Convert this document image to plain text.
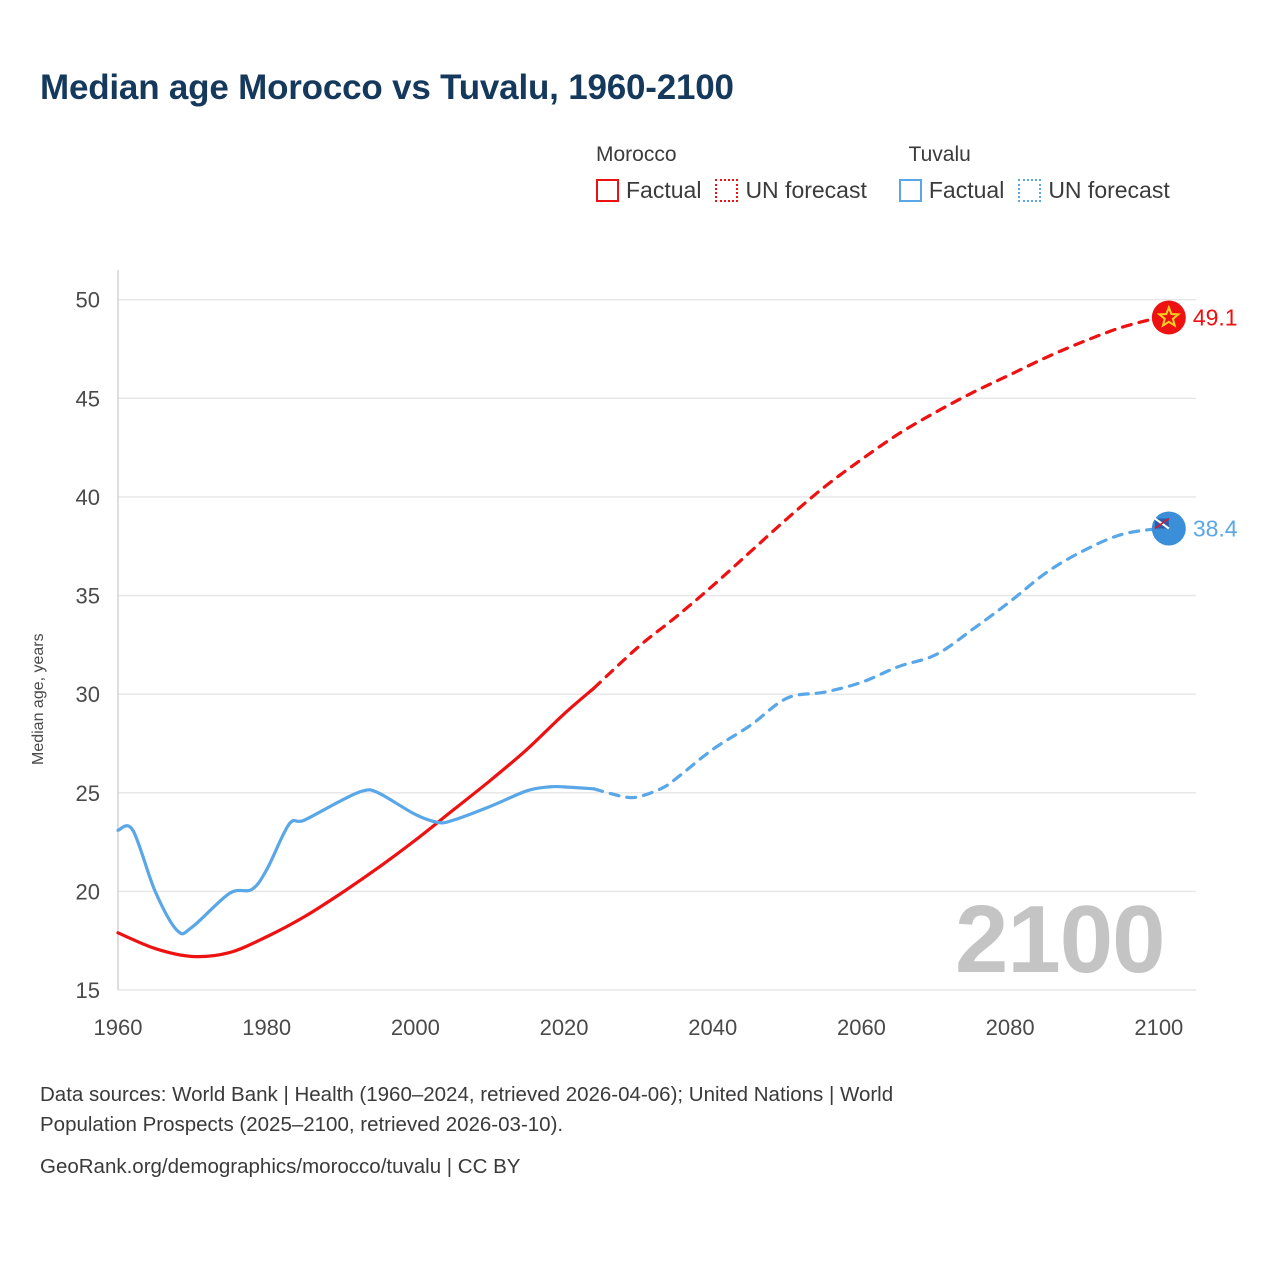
Median age Morocco vs Tuvalu, 1960-2100
Morocco	Tuvalu
Factual UN forecast	Factual UN forecast
Median age, years
2100
15
20
25
30
35
40
45
50
1960	1980	2000	2020	2040	2060	2080	2100
49.1
38.4
Data sources: World Bank | Health (1960–2024, retrieved 2026-04-06); United Nations | World
Population Prospects (2025–2100, retrieved 2026-03-10).
GeoRank.org/demographics/morocco/tuvalu | CC BY
